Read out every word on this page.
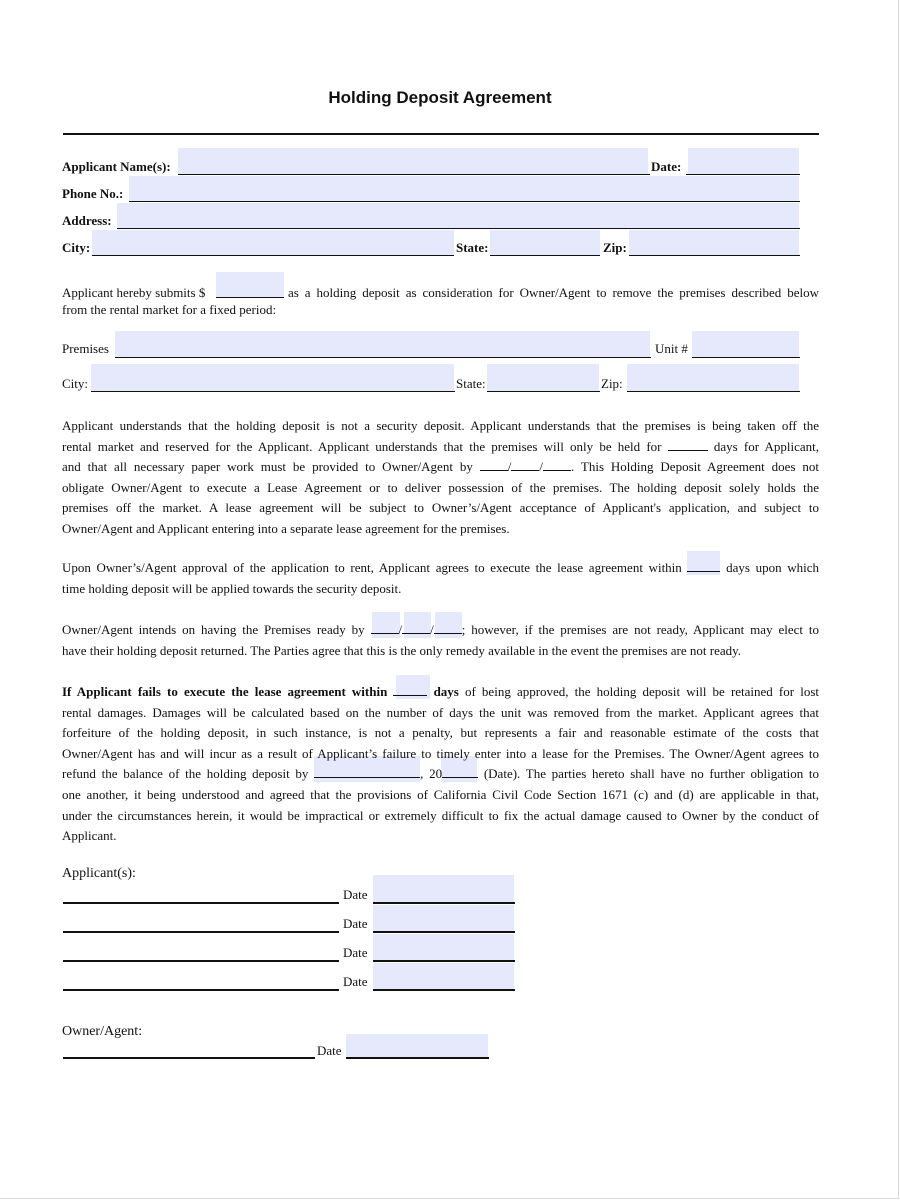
Holding Deposit Agreement
Applicant Name(s):	Date:
Phone No.:
Address:
City:	State:	Zip:
Applicant hereby submits $	as a holding deposit as consideration for Owner/Agent to remove the premises described below
from the rental market for a fixed period:
Premises	Unit #
City:	State:	Zip:
Applicant understands that the holding deposit is not a security deposit. Applicant understands that the premises is being taken off the
rental market and reserved for the Applicant. Applicant understands that the premises will only be held for	days for Applicant,
and that all necessary paper work must be provided to Owner/Agent by	/ / . This Holding Deposit Agreement does not
obligate Owner/Agent to execute a Lease Agreement or to deliver possession of the premises. The holding deposit solely holds the
premises off the market. A lease agreement will be subject to Owner’s/Agent acceptance of Applicant's application, and subject to
Owner/Agent and Applicant entering into a separate lease agreement for the premises.
Upon Owner’s/Agent approval of the application to rent, Applicant agrees to execute the lease agreement within	days upon which
time holding deposit will be applied towards the security deposit.
Owner/Agent intends on having the Premises ready by	/ / ; however, if the premises are not ready, Applicant may elect to
have their holding deposit returned. The Parties agree that this is the only remedy available in the event the premises are not ready.
If Applicant fails to execute the lease agreement within	days of being approved, the holding deposit will be retained for lost
rental damages. Damages will be calculated based on the number of days the unit was removed from the market. Applicant agrees that
forfeiture of the holding deposit, in such instance, is not a penalty, but represents a fair and reasonable estimate of the costs that
Owner/Agent has and will incur as a result of Applicant’s failure to timely enter into a lease for the Premises. The Owner/Agent agrees to
refund the balance of the holding deposit by	, 20	(Date). The parties hereto shall have no further obligation to
one another, it being understood and agreed that the provisions of California Civil Code Section 1671 (c) and (d) are applicable in that,
under the circumstances herein, it would be impractical or extremely difficult to fix the actual damage caused to Owner by the conduct of
Applicant.
Applicant(s):
Date
Date
Date
Date
Owner/Agent:
Date
